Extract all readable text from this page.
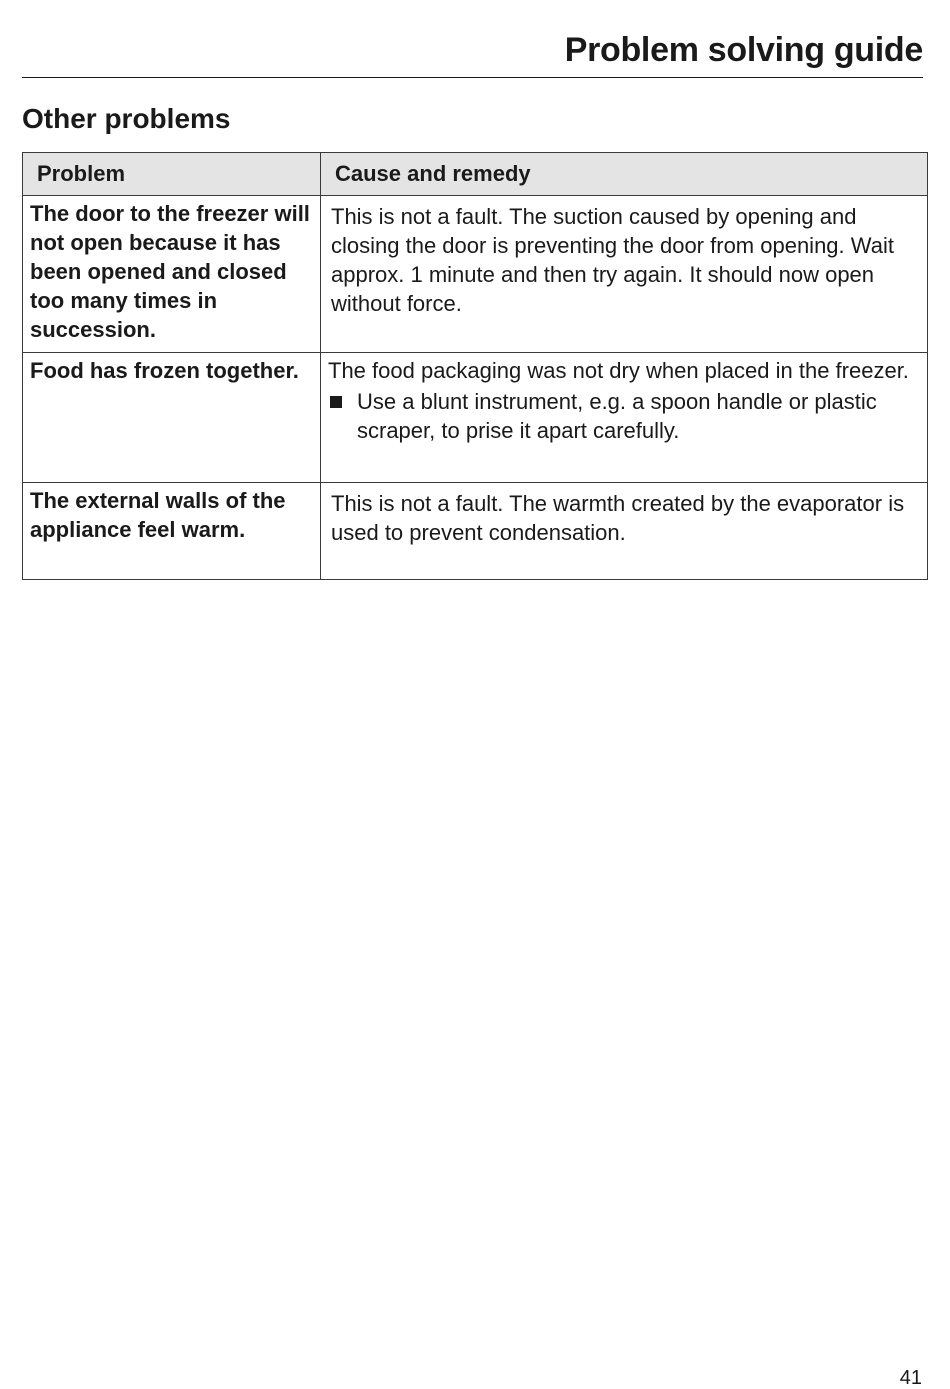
Problem solving guide
Other problems
Problem	Cause and remedy
The door to the freezer will not open because it has been opened and closed too many times in succession.	This is not a fault. The suction caused by opening and closing the door is preventing the door from opening. Wait approx. 1 minute and then try again. It should now open without force.
Food has frozen together.	The food packaging was not dry when placed in the freezer.
Use a blunt instrument, e.g. a spoon handle or plastic scraper, to prise it apart carefully.

The external walls of the appliance feel warm.	This is not a fault. The warmth created by the evaporator is used to prevent condensation.
41
